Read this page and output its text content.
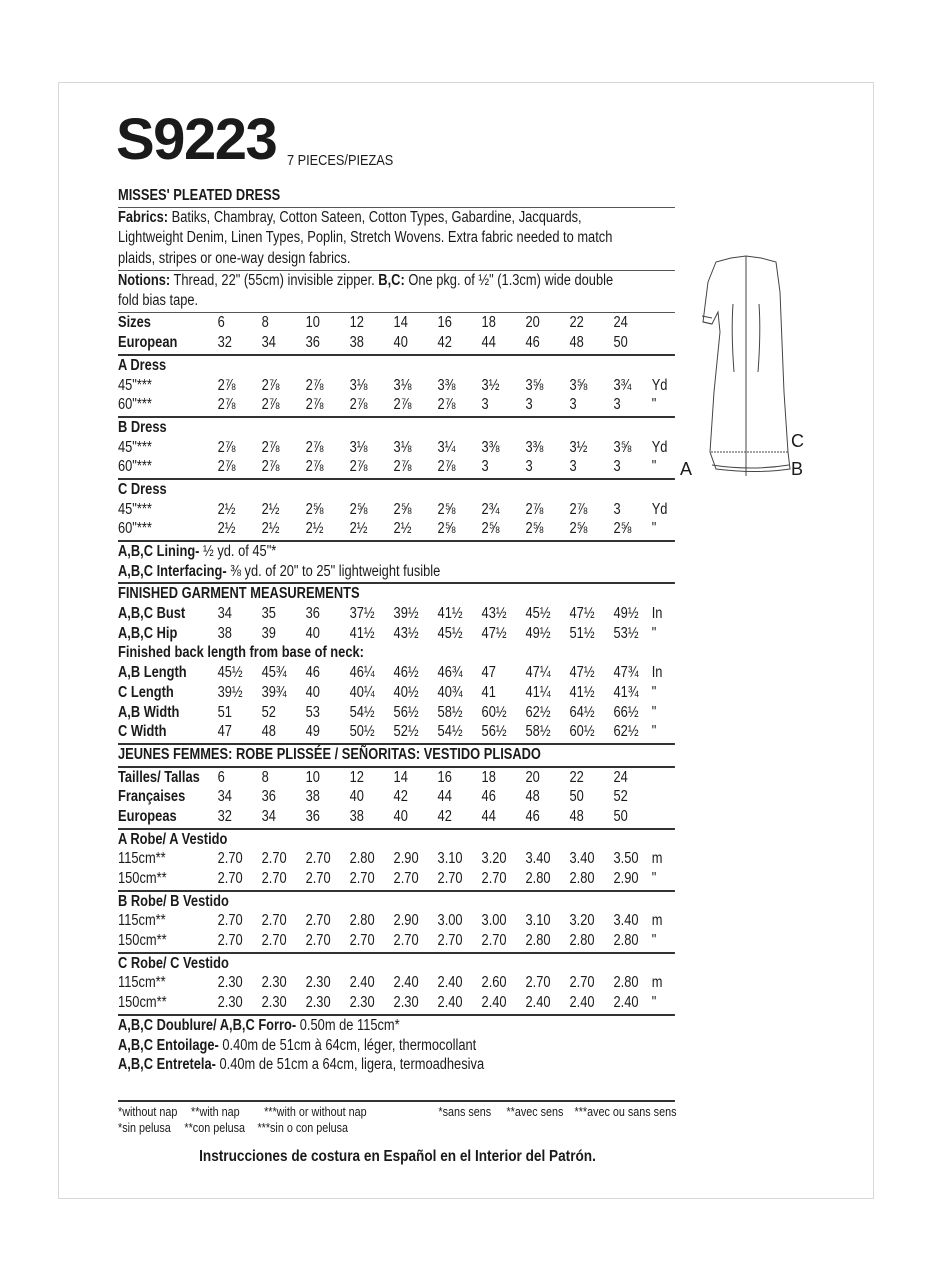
S9223 7 PIECES/PIEZAS
MISSES' PLEATED DRESS
Fabrics: Batiks, Chambray, Cotton Sateen, Cotton Types, Gabardine, Jacquards,
Lightweight Denim, Linen Types, Poplin, Stretch Wovens. Extra fabric needed to match
plaids, stripes or one-way design fabrics.
Notions: Thread, 22" (55cm) invisible zipper. B,C: One pkg. of ½" (1.3cm) wide double
fold bias tape.
Sizes	6 8 10 12 14 16 18 20 22 24
European	32 34 36 38 40 42 44 46 48 50
A Dress
45"***	2⅞ 2⅞ 2⅞ 3⅛ 3⅛ 3⅜ 3½ 3⅝ 3⅝ 3¾ Yd
60"***	2⅞ 2⅞ 2⅞ 2⅞ 2⅞ 2⅞ 3 3 3 3 "
B Dress
45"***	2⅞ 2⅞ 2⅞ 3⅛ 3⅛ 3¼ 3⅜ 3⅜ 3½ 3⅝ Yd
60"***	2⅞ 2⅞ 2⅞ 2⅞ 2⅞ 2⅞ 3 3 3 3 "
C Dress
45"***	2½ 2½ 2⅝ 2⅝ 2⅝ 2⅝ 2¾ 2⅞ 2⅞ 3 Yd
60"***	2½ 2½ 2½ 2½ 2½ 2⅝ 2⅝ 2⅝ 2⅝ 2⅝ "
A,B,C Lining- ½ yd. of 45"*
A,B,C Interfacing- ⅜ yd. of 20" to 25" lightweight fusible
FINISHED GARMENT MEASUREMENTS
A,B,C Bust 34 35 36 37½ 39½ 41½ 43½ 45½ 47½ 49½ In
A,B,C Hip	38 39 40 41½ 43½ 45½ 47½ 49½ 51½ 53½ "
Finished back length from base of neck:
A,B Length 45½ 45¾ 46 46¼ 46½ 46¾ 47 47¼ 47½ 47¾ In
C Length	39½ 39¾ 40 40¼ 40½ 40¾ 41 41¼ 41½ 41¾ "
A,B Width 51 52 53 54½ 56½ 58½ 60½ 62½ 64½ 66½ "
C Width	47 48 49 50½ 52½ 54½ 56½ 58½ 60½ 62½ "
JEUNES FEMMES: ROBE PLISSÉE / SEÑORITAS: VESTIDO PLISADO
Tailles/ Tallas 6 8 10 12 14 16 18 20 22 24
Françaises 34 36 38 40 42 44 46 48 50 52
Europeas	32 34 36 38 40 42 44 46 48 50
A Robe/ A Vestido
115cm**	2.70 2.70 2.70 2.80 2.90 3.10 3.20 3.40 3.40 3.50 m
150cm**	2.70 2.70 2.70 2.70 2.70 2.70 2.70 2.80 2.80 2.90 "
B Robe/ B Vestido
115cm**	2.70 2.70 2.70 2.80 2.90 3.00 3.00 3.10 3.20 3.40 m
150cm**	2.70 2.70 2.70 2.70 2.70 2.70 2.70 2.80 2.80 2.80 "
C Robe/ C Vestido
115cm**	2.30 2.30 2.30 2.40 2.40 2.40 2.60 2.70 2.70 2.80 m
150cm**	2.30 2.30 2.30 2.30 2.30 2.40 2.40 2.40 2.40 2.40 "
A,B,C Doublure/ A,B,C Forro- 0.50m de 115cm*
A,B,C Entoilage- 0.40m de 51cm à 64cm, léger, thermocollant
A,B,C Entretela- 0.40m de 51cm a 64cm, ligera, termoadhesiva
*without nap **with nap ***with or without nap	*sans sens **avec sens ***avec ou sans sens
*sin pelusa **con pelusa ***sin o con pelusa
Instrucciones de costura en Español en el Interior del Patrón.
C
A	B
